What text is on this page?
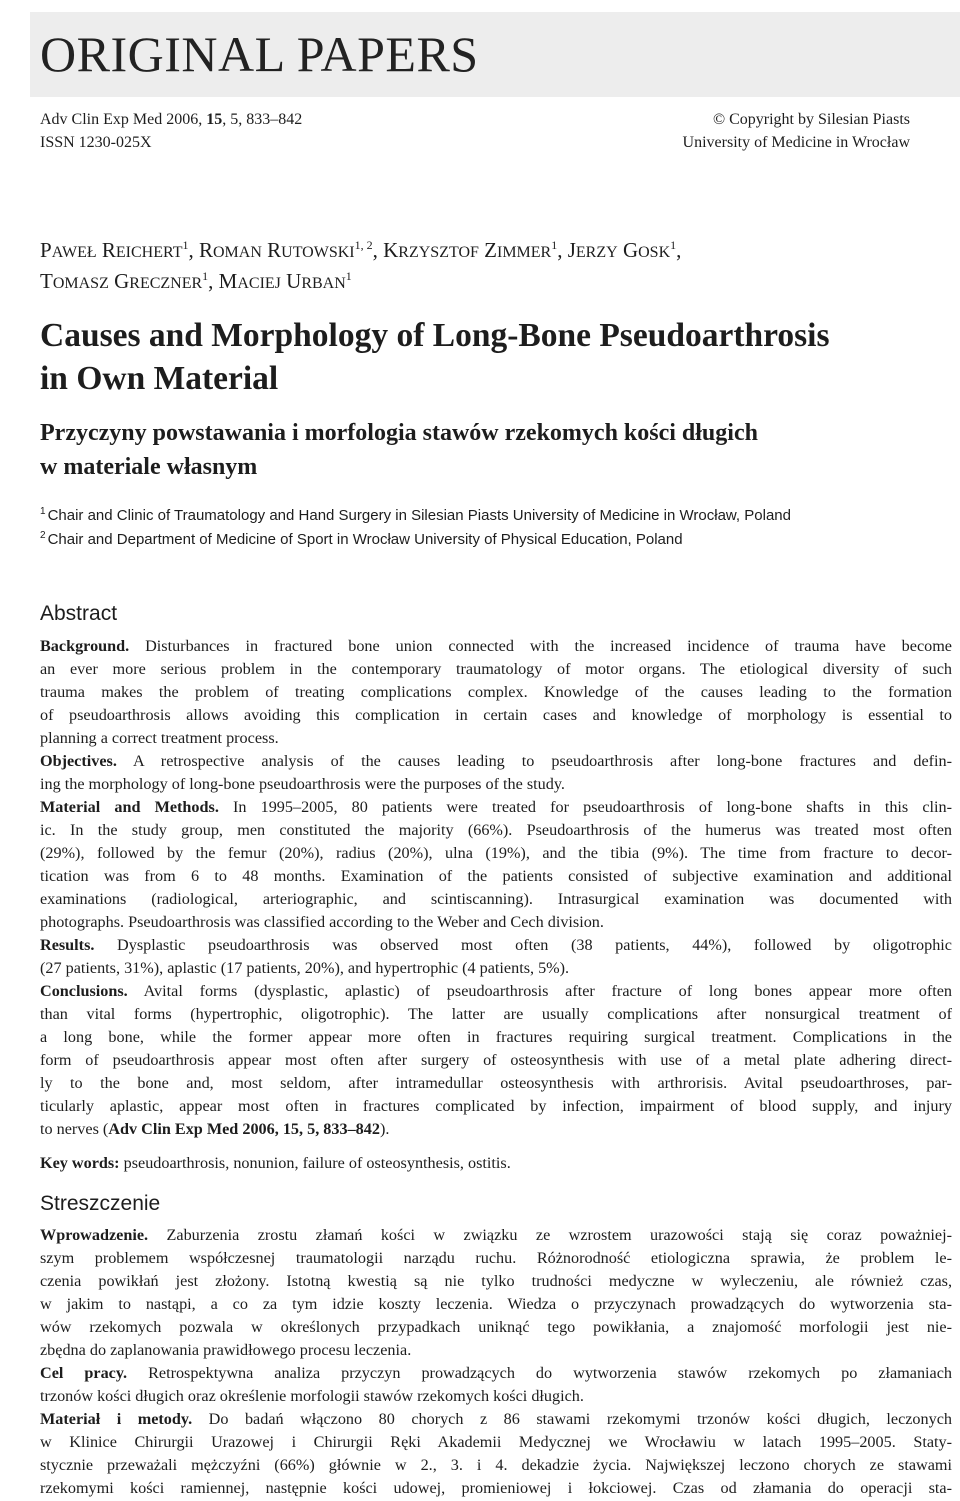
ORIGINAL PAPERS
Adv Clin Exp Med 2006, 15, 5, 833–842
ISSN 1230-025X
© Copyright by Silesian Piasts
University of Medicine in Wrocław
PAWEŁ REICHERT$^1$, ROMAN RUTOWSKI$^{1, 2}$, KRZYSZTOF ZIMMER$^1$, JERZY GOSK$^1$,
TOMASZ GRECZNER$^1$, MACIEJ URBAN$^1$
Causes and Morphology of Long-Bone Pseudoarthrosis
in Own Material
Przyczyny powstawania i morfologia stawów rzekomych kości długich
w materiale własnym
$^1$ Chair and Clinic of Traumatology and Hand Surgery in Silesian Piasts University of Medicine in Wrocław, Poland
$^2$ Chair and Department of Medicine of Sport in Wrocław University of Physical Education, Poland
Abstract
Background. Disturbances in fractured bone union connected with the increased incidence of trauma have become
an ever more serious problem in the contemporary traumatology of motor organs. The etiological diversity of such
trauma makes the problem of treating complications complex. Knowledge of the causes leading to the formation
of pseudoarthrosis allows avoiding this complication in certain cases and knowledge of morphology is essential to
planning a correct treatment process.
Objectives. A retrospective analysis of the causes leading to pseudoarthrosis after long-bone fractures and defin-
ing the morphology of long-bone pseudoarthrosis were the purposes of the study.
Material and Methods. In 1995–2005, 80 patients were treated for pseudoarthrosis of long-bone shafts in this clin-
ic. In the study group, men constituted the majority (66%). Pseudoarthrosis of the humerus was treated most often
(29%), followed by the femur (20%), radius (20%), ulna (19%), and the tibia (9%). The time from fracture to decor-
tication was from 6 to 48 months. Examination of the patients consisted of subjective examination and additional
examinations (radiological, arteriographic, and scintiscanning). Intrasurgical examination was documented with
photographs. Pseudoarthrosis was classified according to the Weber and Cech division.
Results. Dysplastic pseudoarthrosis was observed most often (38 patients, 44%), followed by oligotrophic
(27 patients, 31%), aplastic (17 patients, 20%), and hypertrophic (4 patients, 5%).
Conclusions. Avital forms (dysplastic, aplastic) of pseudoarthrosis after fracture of long bones appear more often
than vital forms (hypertrophic, oligotrophic). The latter are usually complications after nonsurgical treatment of
a long bone, while the former appear more often in fractures requiring surgical treatment. Complications in the
form of pseudoarthrosis appear most often after surgery of osteosynthesis with use of a metal plate adhering direct-
ly to the bone and, most seldom, after intramedullar osteosynthesis with arthrorisis. Avital pseudoarthroses, par-
ticularly aplastic, appear most often in fractures complicated by infection, impairment of blood supply, and injury
to nerves (Adv Clin Exp Med 2006, 15, 5, 833–842).
Key words: pseudoarthrosis, nonunion, failure of osteosynthesis, ostitis.
Streszczenie
Wprowadzenie. Zaburzenia zrostu złamań kości w związku ze wzrostem urazowości stają się coraz poważniej-
szym problemem współczesnej traumatologii narządu ruchu. Różnorodność etiologiczna sprawia, że problem le-
czenia powikłań jest złożony. Istotną kwestią są nie tylko trudności medyczne w wyleczeniu, ale również czas,
w jakim to nastąpi, a co za tym idzie koszty leczenia. Wiedza o przyczynach prowadzących do wytworzenia sta-
wów rzekomych pozwala w określonych przypadkach uniknąć tego powikłania, a znajomość morfologii jest nie-
zbędna do zaplanowania prawidłowego procesu leczenia.
Cel pracy. Retrospektywna analiza przyczyn prowadzących do wytworzenia stawów rzekomych po złamaniach
trzonów kości długich oraz określenie morfologii stawów rzekomych kości długich.
Materiał i metody. Do badań włączono 80 chorych z 86 stawami rzekomymi trzonów kości długich, leczonych
w Klinice Chirurgii Urazowej i Chirurgii Ręki Akademii Medycznej we Wrocławiu w latach 1995–2005. Staty-
stycznie przeważali mężczyźni (66%) głównie w 2., 3. i 4. dekadzie życia. Największej leczono chorych ze stawami
rzekomymi kości ramiennej, następnie kości udowej, promieniowej i łokciowej. Czas od złamania do operacji sta-
